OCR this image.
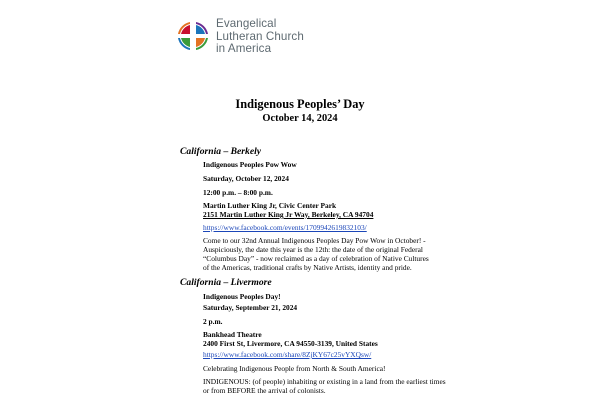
Evangelical
Lutheran Church
in America
Indigenous Peoples’ Day
October 14, 2024
California – Berkely
Indigenous Peoples Pow Wow
Saturday, October 12, 2024
12:00 p.m. – 8:00 p.m.
Martin Luther King Jr, Civic Center Park
2151 Martin Luther King Jr Way, Berkeley, CA 94704
https://www.facebook.com/events/1709942619832103/
Come to our 32nd Annual Indigenous Peoples Day Pow Wow in October! -
Auspiciously, the date this year is the 12th: the date of the original Federal
“Columbus Day” - now reclaimed as a day of celebration of Native Cultures
of the Americas, traditional crafts by Native Artists, identity and pride.
California – Livermore
Indigenous Peoples Day!
Saturday, September 21, 2024
2 p.m.
Bankhead Theatre
2400 First St, Livermore, CA 94550-3139, United States
https://www.facebook.com/share/8ZjKY67c25vYXQsw/
Celebrating Indigenous People from North & South America!
INDIGENOUS: (of people) inhabiting or existing in a land from the earliest times
or from BEFORE the arrival of colonists.
